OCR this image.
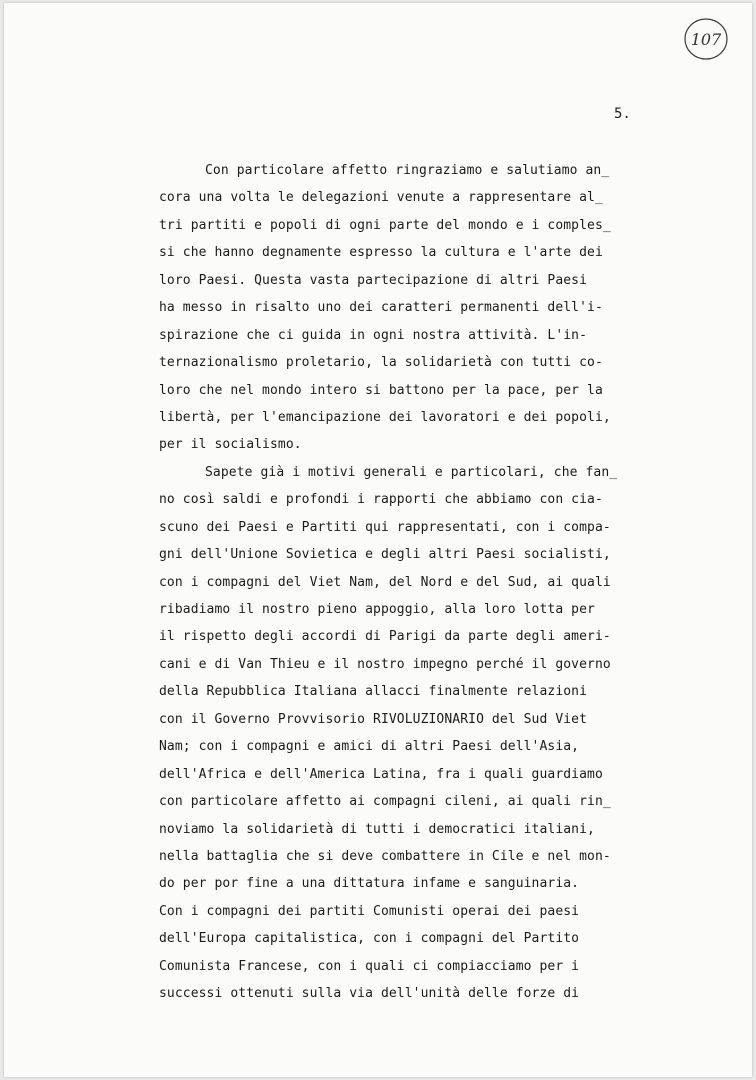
107
5.
Con particolare affetto ringraziamo e salutiamo an_
cora una volta le delegazioni venute a rappresentare al_
tri partiti e popoli di ogni parte del mondo e i comples_
si che hanno degnamente espresso la cultura e l'arte dei
loro Paesi. Questa vasta partecipazione di altri Paesi
ha messo in risalto uno dei caratteri permanenti dell'i-
spirazione che ci guida in ogni nostra attività. L'in-
ternazionalismo proletario, la solidarietà con tutti co-
loro che nel mondo intero si battono per la pace, per la
libertà, per l'emancipazione dei lavoratori e dei popoli,
per il socialismo.
Sapete già i motivi generali e particolari, che fan_
no così saldi e profondi i rapporti che abbiamo con cia-
scuno dei Paesi e Partiti qui rappresentati, con i compa-
gni dell'Unione Sovietica e degli altri Paesi socialisti,
con i compagni del Viet Nam, del Nord e del Sud, ai quali
ribadiamo il nostro pieno appoggio, alla loro lotta per
il rispetto degli accordi di Parigi da parte degli ameri-
cani e di Van Thieu e il nostro impegno perché il governo
della Repubblica Italiana allacci finalmente relazioni
con il Governo Provvisorio RIVOLUZIONARIO del Sud Viet
Nam; con i compagni e amici di altri Paesi dell'Asia,
dell'Africa e dell'America Latina, fra i quali guardiamo
con particolare affetto ai compagni cileni, ai quali rin_
noviamo la solidarietà di tutti i democratici italiani,
nella battaglia che si deve combattere in Cile e nel mon-
do per por fine a una dittatura infame e sanguinaria.
Con i compagni dei partiti Comunisti operai dei paesi
dell'Europa capitalistica, con i compagni del Partito
Comunista Francese, con i quali ci compiacciamo per i
successi ottenuti sulla via dell'unità delle forze di
